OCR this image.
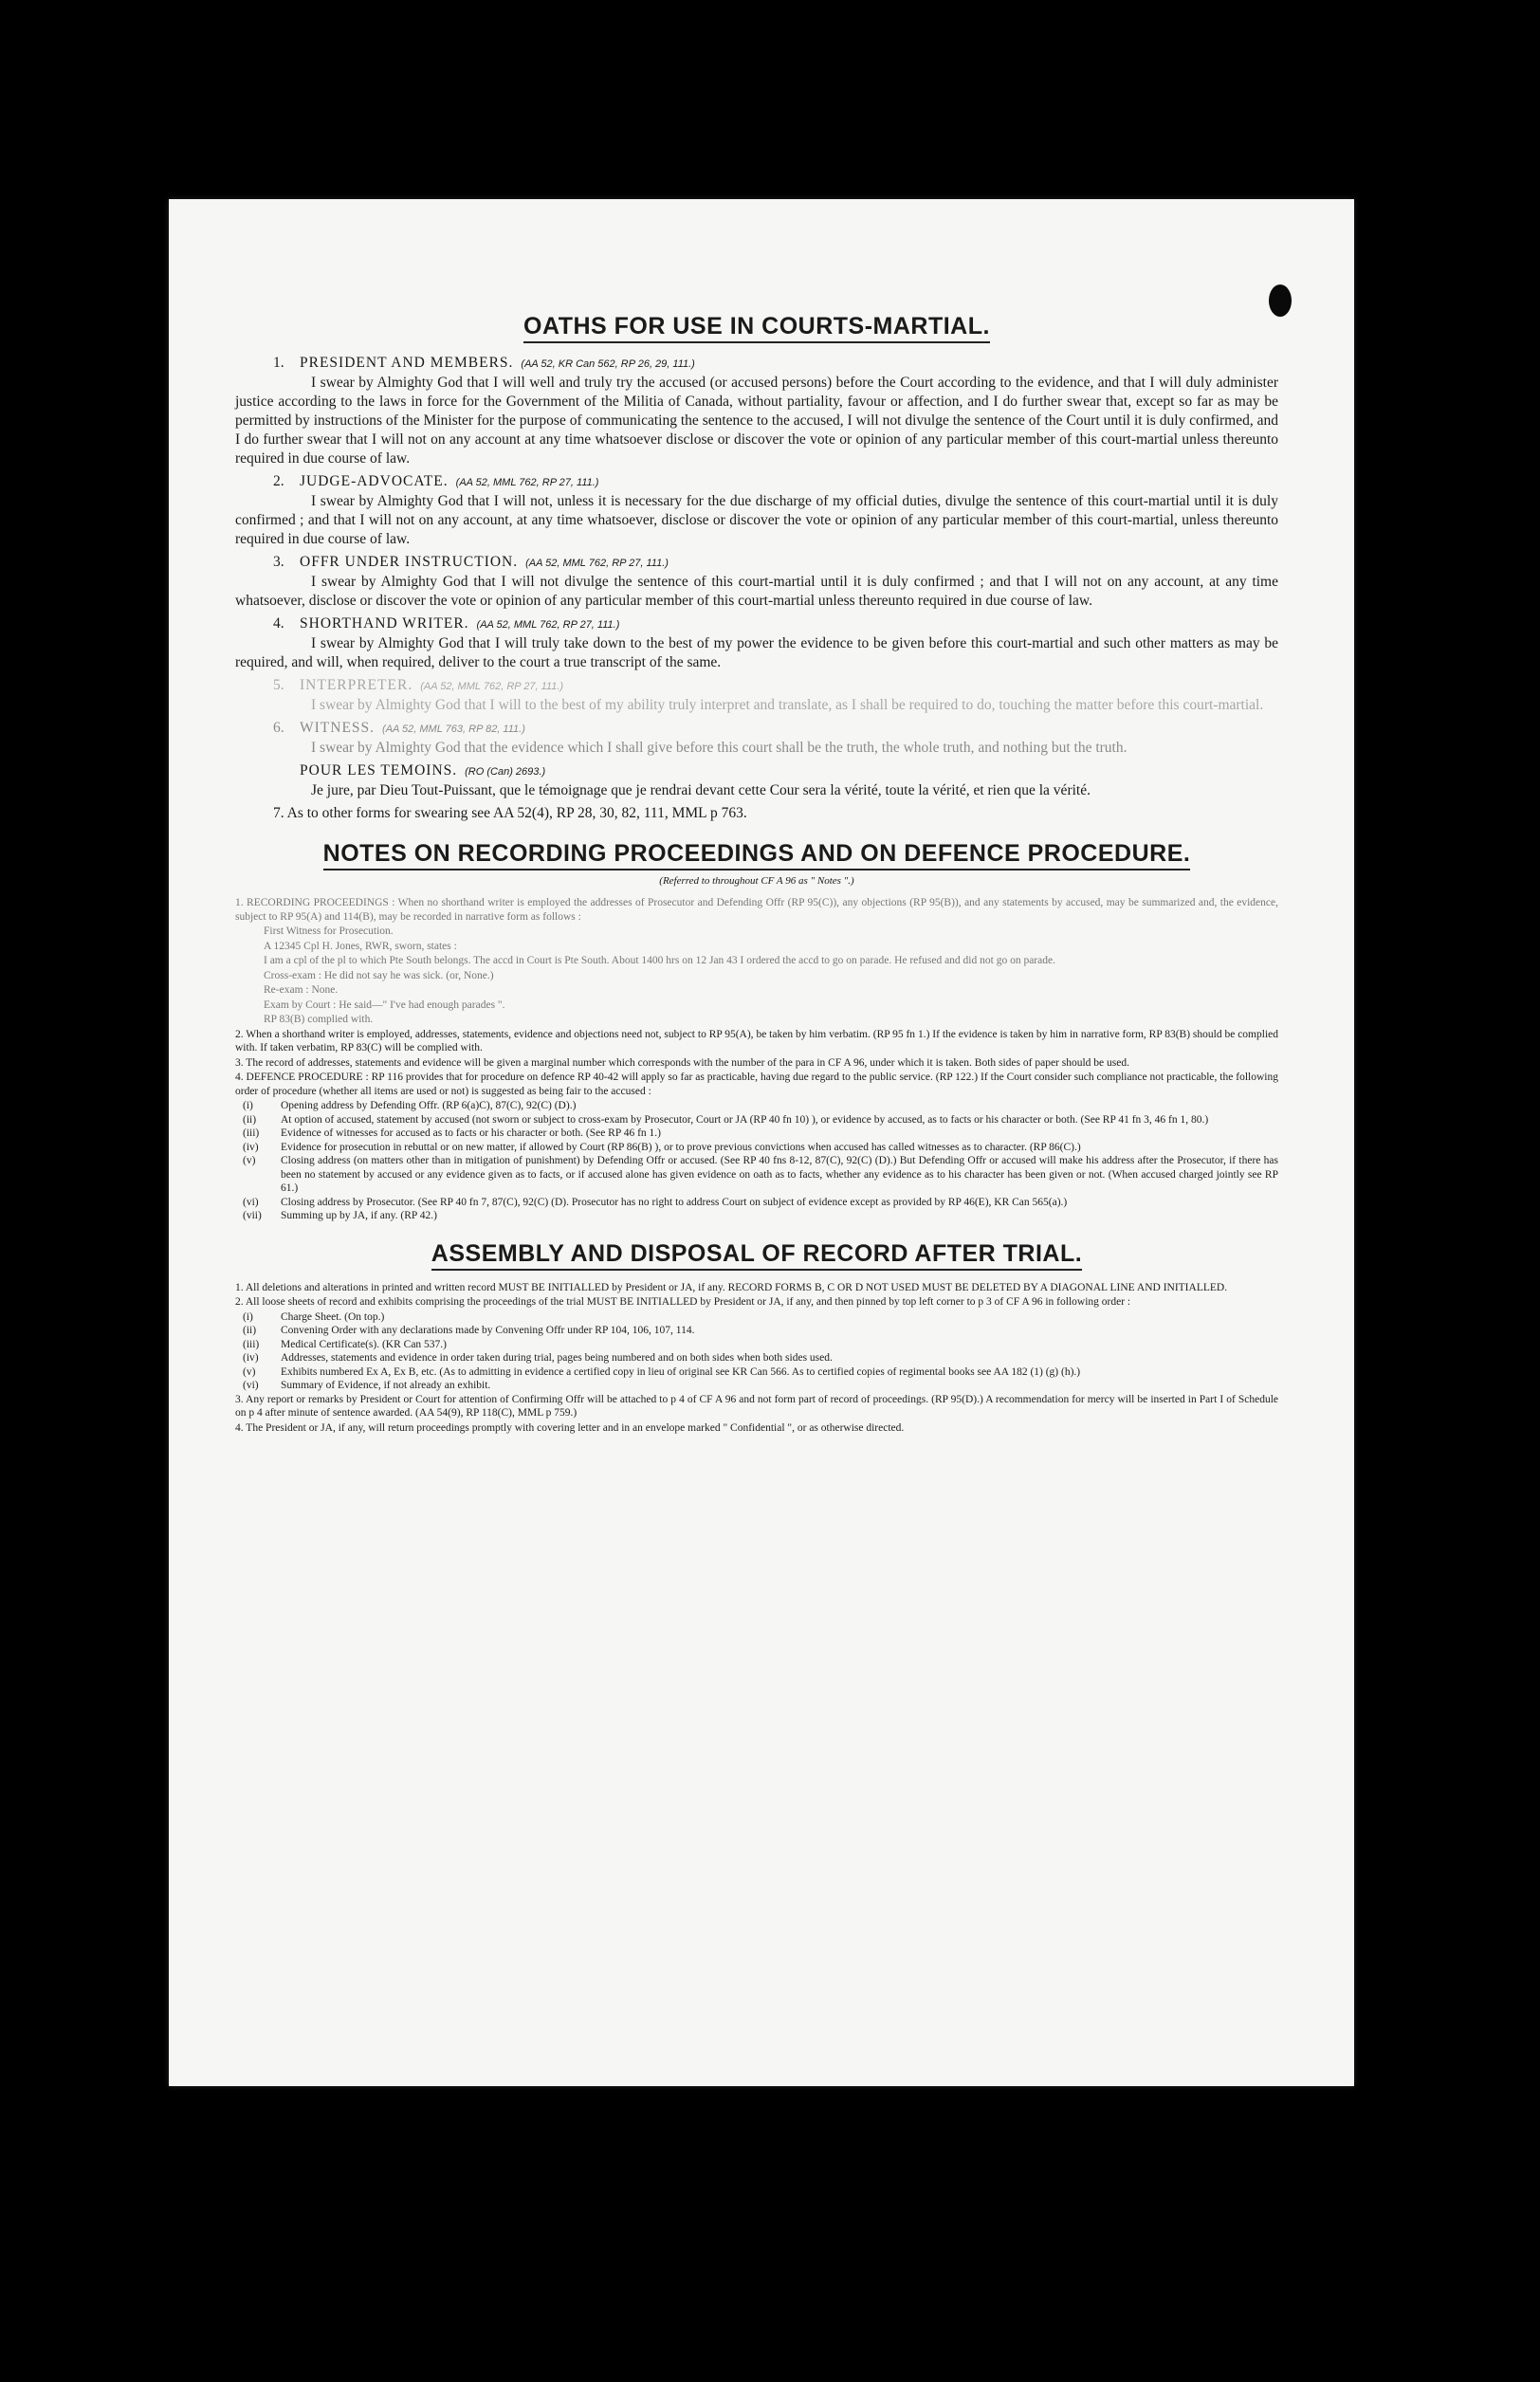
OATHS FOR USE IN COURTS-MARTIAL.
1. PRESIDENT AND MEMBERS. (AA 52, KR Can 562, RP 26, 29, 111.)
I swear by Almighty God that I will well and truly try the accused (or accused persons) before the Court according to the evidence, and that I will duly administer justice according to the laws in force for the Government of the Militia of Canada, without partiality, favour or affection, and I do further swear that, except so far as may be permitted by instructions of the Minister for the purpose of communicating the sentence to the accused, I will not divulge the sentence of the Court until it is duly confirmed, and I do further swear that I will not on any account at any time whatsoever disclose or discover the vote or opinion of any particular member of this court-martial unless thereunto required in due course of law.
2. JUDGE-ADVOCATE. (AA 52, MML 762, RP 27, 111.)
I swear by Almighty God that I will not, unless it is necessary for the due discharge of my official duties, divulge the sentence of this court-martial until it is duly confirmed ; and that I will not on any account, at any time whatsoever, disclose or discover the vote or opinion of any particular member of this court-martial, unless thereunto required in due course of law.
3. OFFR UNDER INSTRUCTION. (AA 52, MML 762, RP 27, 111.)
I swear by Almighty God that I will not divulge the sentence of this court-martial until it is duly confirmed ; and that I will not on any account, at any time whatsoever, disclose or discover the vote or opinion of any particular member of this court-martial unless thereunto required in due course of law.
4. SHORTHAND WRITER. (AA 52, MML 762, RP 27, 111.)
I swear by Almighty God that I will truly take down to the best of my power the evidence to be given before this court-martial and such other matters as may be required, and will, when required, deliver to the court a true transcript of the same.
5. INTERPRETER. (AA 52, MML 762, RP 27, 111.)
I swear by Almighty God that I will to the best of my ability truly interpret and translate, as I shall be required to do, touching the matter before this court-martial.
6. WITNESS. (AA 52, MML 763, RP 82, 111.)
I swear by Almighty God that the evidence which I shall give before this court shall be the truth, the whole truth, and nothing but the truth.
POUR LES TEMOINS. (RO (Can) 2693.)
Je jure, par Dieu Tout-Puissant, que le témoignage que je rendrai devant cette Cour sera la vérité, toute la vérité, et rien que la vérité.
7. As to other forms for swearing see AA 52(4), RP 28, 30, 82, 111, MML p 763.
NOTES ON RECORDING PROCEEDINGS AND ON DEFENCE PROCEDURE.
(Referred to throughout CF A 96 as " Notes ".)

1. RECORDING PROCEEDINGS : When no shorthand writer is employed the addresses of Prosecutor and Defending Offr (RP 95(C)), any objections (RP 95(B)), and any statements by accused, may be summarized and, the evidence, subject to RP 95(A) and 114(B), may be recorded in narrative form as follows :

First Witness for Prosecution.

A 12345 Cpl H. Jones, RWR, sworn, states :

I am a cpl of the pl to which Pte South belongs. The accd in Court is Pte South. About 1400 hrs on 12 Jan 43 I ordered the accd to go on parade. He refused and did not go on parade.

Cross-exam : He did not say he was sick. (or, None.)

Re-exam : None.

Exam by Court : He said—" I've had enough parades ".

RP 83(B) complied with.

2. When a shorthand writer is employed, addresses, statements, evidence and objections need not, subject to RP 95(A), be taken by him verbatim. (RP 95 fn 1.) If the evidence is taken by him in narrative form, RP 83(B) should be complied with. If taken verbatim, RP 83(C) will be complied with.

3. The record of addresses, statements and evidence will be given a marginal number which corresponds with the number of the para in CF A 96, under which it is taken. Both sides of paper should be used.

4. DEFENCE PROCEDURE : RP 116 provides that for procedure on defence RP 40-42 will apply so far as practicable, having due regard to the public service. (RP 122.) If the Court consider such compliance not practicable, the following order of procedure (whether all items are used or not) is suggested as being fair to the accused :

(i)	Opening address by Defending Offr. (RP 6(a)C), 87(C), 92(C) (D).)
(ii)	At option of accused, statement by accused (not sworn or subject to cross-exam by Prosecutor, Court or JA (RP 40 fn 10) ), or evidence by accused, as to facts or his character or both. (See RP 41 fn 3, 46 fn 1, 80.)
(iii)	Evidence of witnesses for accused as to facts or his character or both. (See RP 46 fn 1.)
(iv)	Evidence for prosecution in rebuttal or on new matter, if allowed by Court (RP 86(B) ), or to prove previous convictions when accused has called witnesses as to character. (RP 86(C).)
(v)	Closing address (on matters other than in mitigation of punishment) by Defending Offr or accused. (See RP 40 fns 8-12, 87(C), 92(C) (D).) But Defending Offr or accused will make his address after the Prosecutor, if there has been no statement by accused or any evidence given as to facts, or if accused alone has given evidence on oath as to facts, whether any evidence as to his character has been given or not. (When accused charged jointly see RP 61.)
(vi)	Closing address by Prosecutor. (See RP 40 fn 7, 87(C), 92(C) (D). Prosecutor has no right to address Court on subject of evidence except as provided by RP 46(E), KR Can 565(a).)
(vii)	Summing up by JA, if any. (RP 42.)
ASSEMBLY AND DISPOSAL OF RECORD AFTER TRIAL.

1. All deletions and alterations in printed and written record MUST BE INITIALLED by President or JA, if any. RECORD FORMS B, C OR D NOT USED MUST BE DELETED BY A DIAGONAL LINE AND INITIALLED.

2. All loose sheets of record and exhibits comprising the proceedings of the trial MUST BE INITIALLED by President or JA, if any, and then pinned by top left corner to p 3 of CF A 96 in following order :

(i)	Charge Sheet. (On top.)
(ii)	Convening Order with any declarations made by Convening Offr under RP 104, 106, 107, 114.
(iii)	Medical Certificate(s). (KR Can 537.)
(iv)	Addresses, statements and evidence in order taken during trial, pages being numbered and on both sides when both sides used.
(v)	Exhibits numbered Ex A, Ex B, etc. (As to admitting in evidence a certified copy in lieu of original see KR Can 566. As to certified copies of regimental books see AA 182 (1) (g) (h).)
(vi)	Summary of Evidence, if not already an exhibit.

3. Any report or remarks by President or Court for attention of Confirming Offr will be attached to p 4 of CF A 96 and not form part of record of proceedings. (RP 95(D).) A recommendation for mercy will be inserted in Part I of Schedule on p 4 after minute of sentence awarded. (AA 54(9), RP 118(C), MML p 759.)

4. The President or JA, if any, will return proceedings promptly with covering letter and in an envelope marked " Confidential ", or as otherwise directed.
